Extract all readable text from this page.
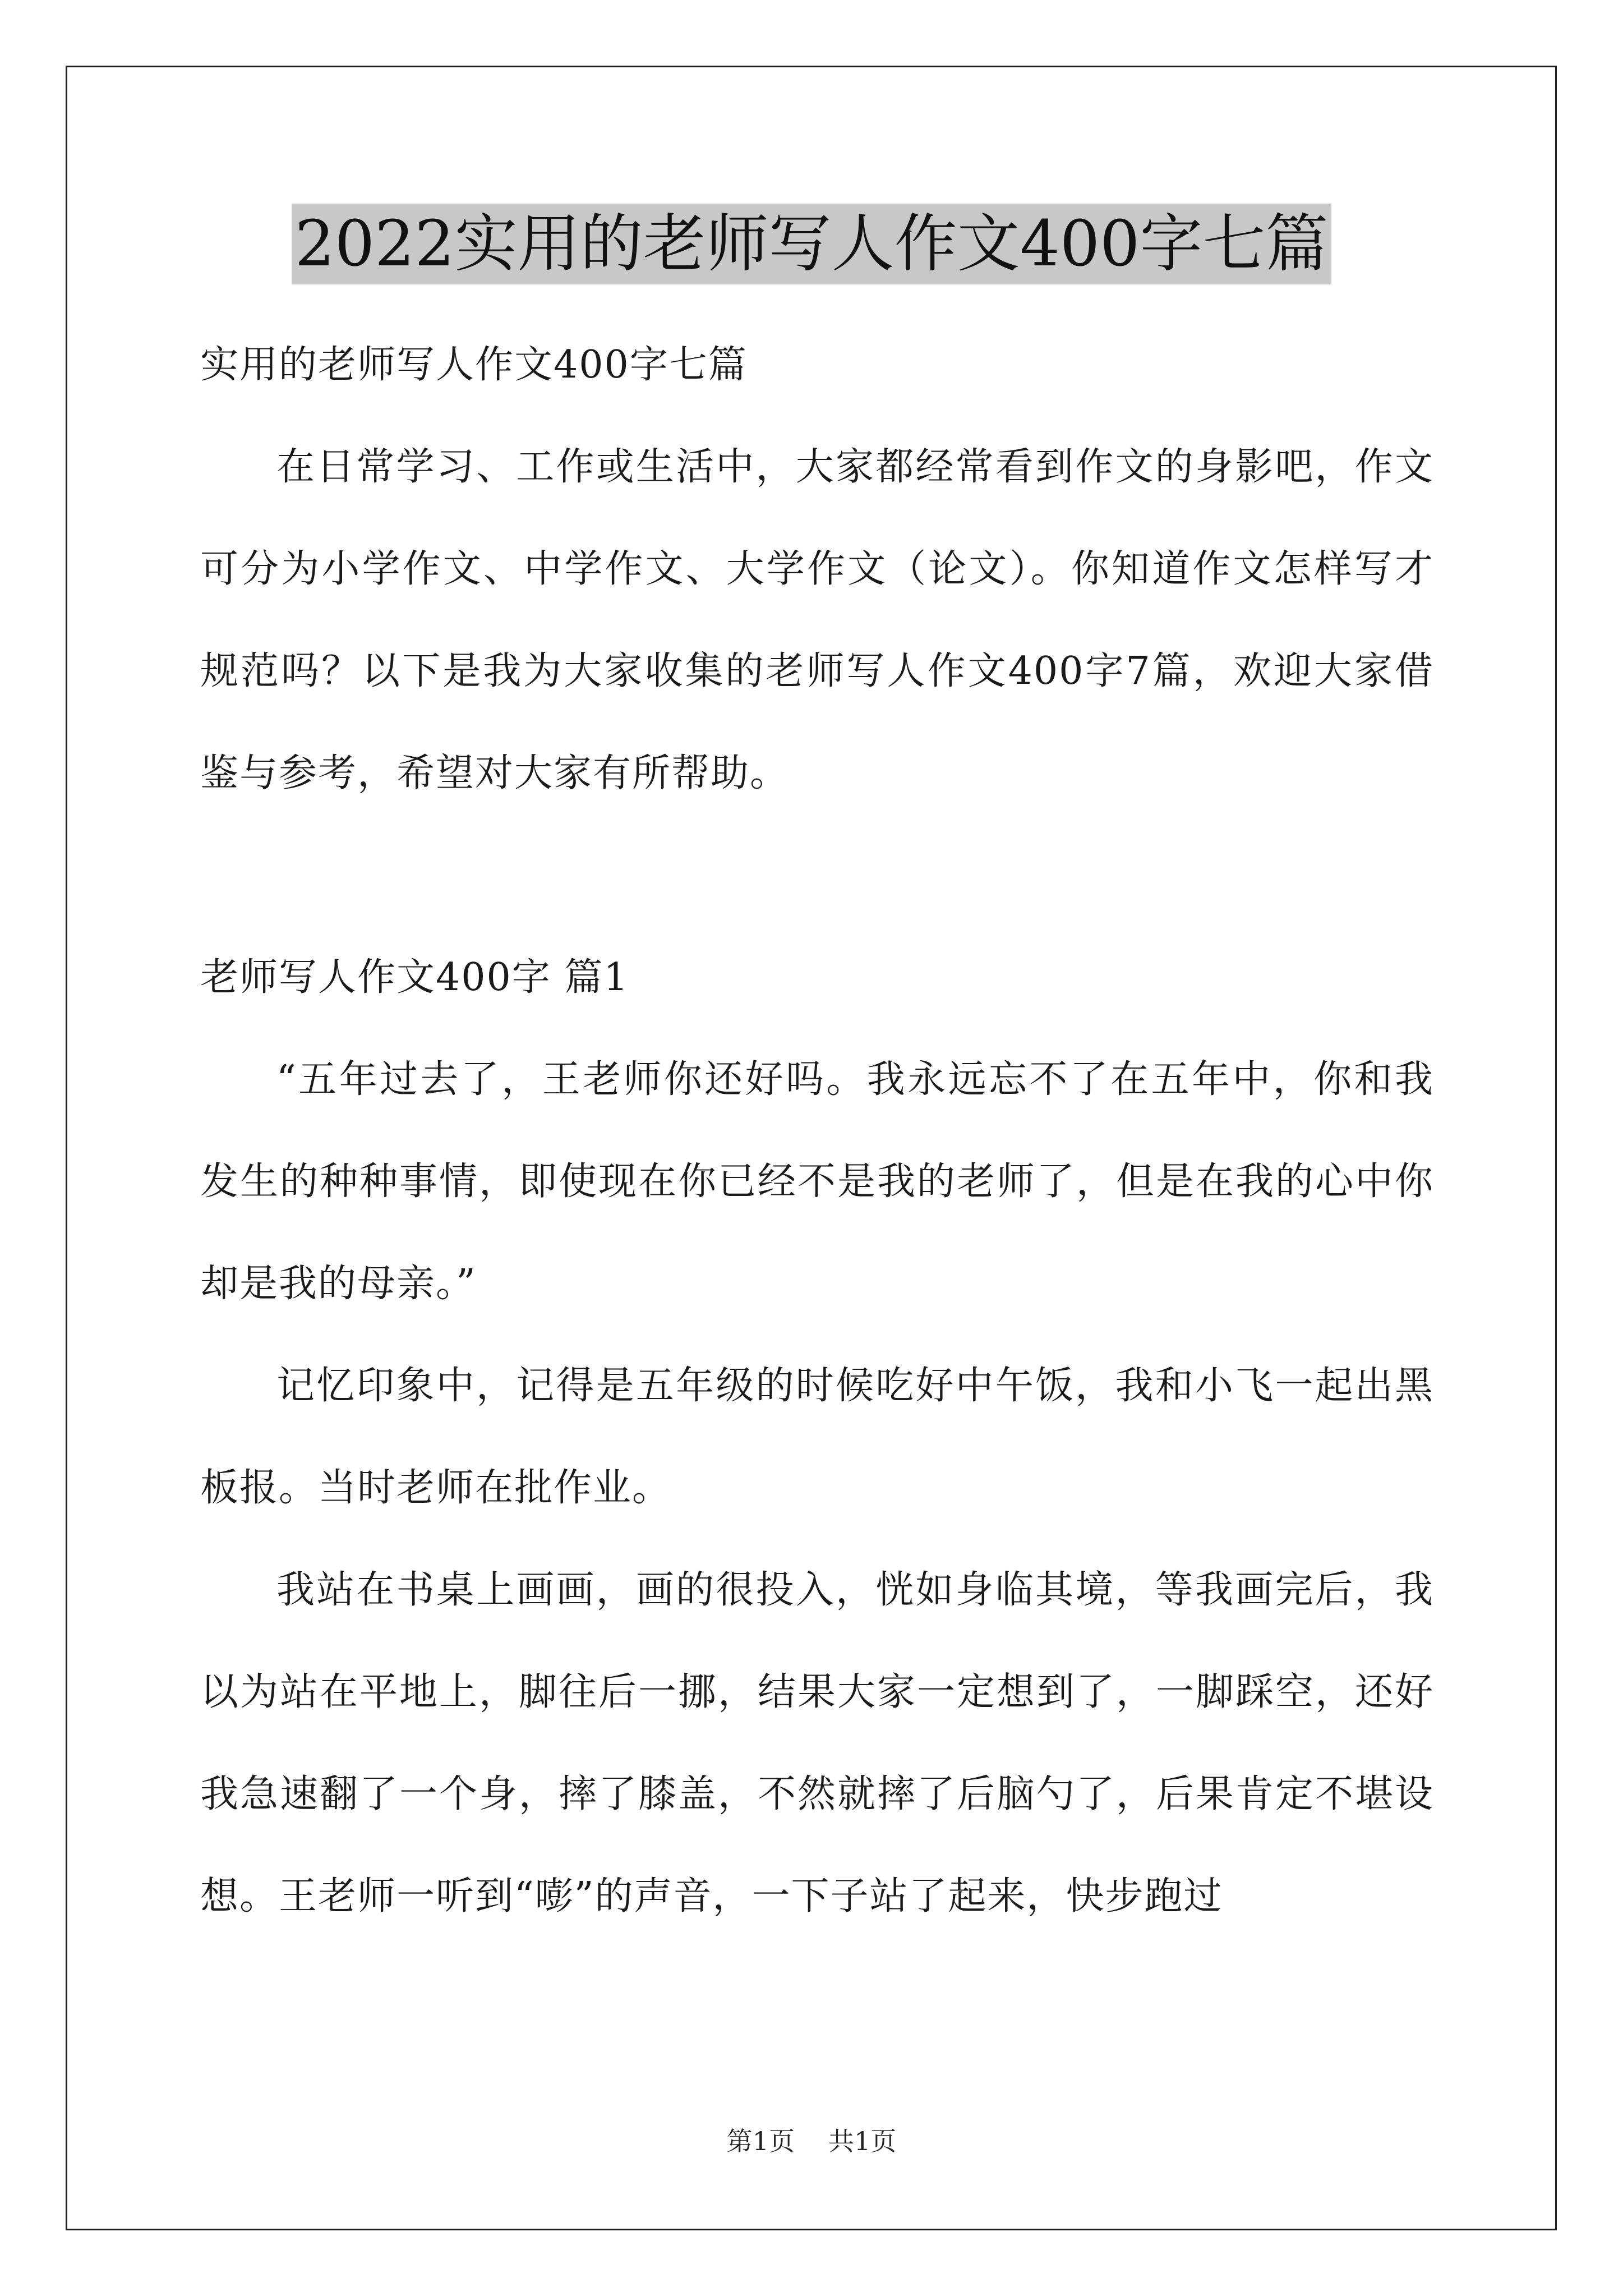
2022实用的老师写人作文400字七篇

实用的老师写人作文400字七篇

在日常学习、工作或生活中，大家都经常看到作文的身影吧，作文可分为小学作文、中学作文、大学作文（论文）。你知道作文怎样写才规范吗？以下是我为大家收集的老师写人作文400字7篇，欢迎大家借鉴与参考，希望对大家有所帮助。

老师写人作文400字 篇1

“五年过去了，王老师你还好吗。我永远忘不了在五年中，你和我发生的种种事情，即使现在你已经不是我的老师了，但是在我的心中你却是我的母亲。”

记忆印象中，记得是五年级的时候吃好中午饭，我和小飞一起出黑板报。当时老师在批作业。

我站在书桌上画画，画的很投入，恍如身临其境，等我画完后，我以为站在平地上，脚往后一挪，结果大家一定想到了，一脚踩空，还好我急速翻了一个身，摔了膝盖，不然就摔了后脑勺了，后果肯定不堪设想。王老师一听到“嘭”的声音，一下子站了起来，快步跑过

第1页 共1页
